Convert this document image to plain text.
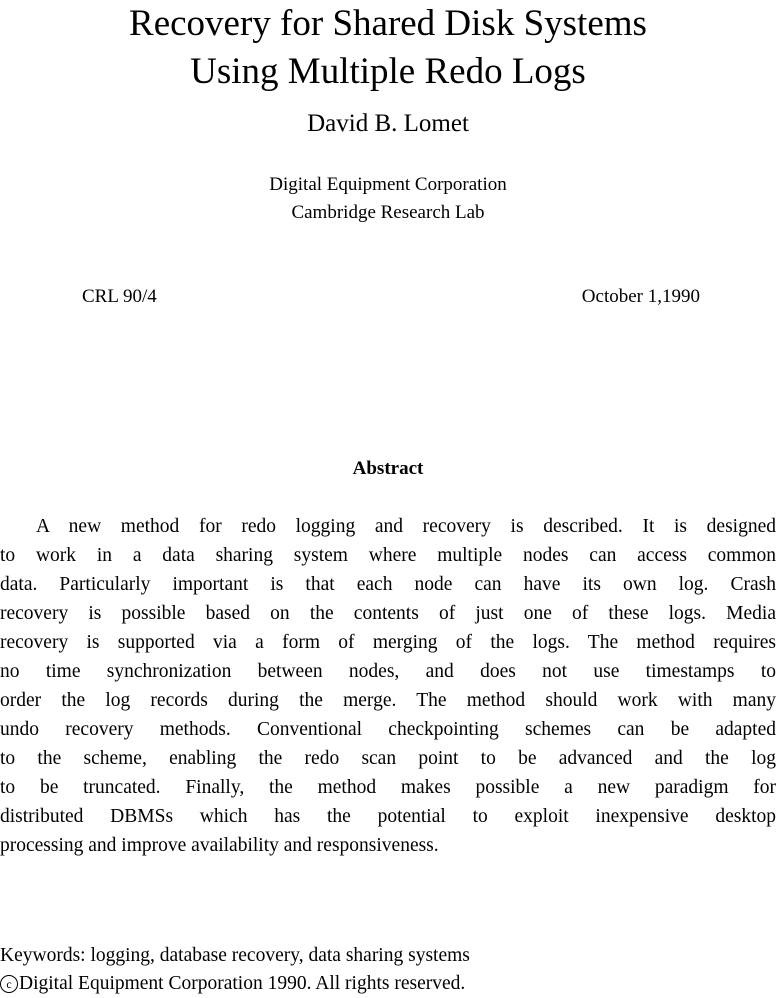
Recovery for Shared Disk Systems
Using Multiple Redo Logs
David B. Lomet
Digital Equipment Corporation
Cambridge Research Lab
CRL 90/4	October 1,1990
Abstract
A new method for redo logging and recovery is described. It is designed
to work in a data sharing system where multiple nodes can access common
data. Particularly important is that each node can have its own log. Crash
recovery is possible based on the contents of just one of these logs. Media
recovery is supported via a form of merging of the logs. The method requires
no time synchronization between nodes, and does not use timestamps to
order the log records during the merge. The method should work with many
undo recovery methods. Conventional checkpointing schemes can be adapted
to the scheme, enabling the redo scan point to be advanced and the log
to be truncated. Finally, the method makes possible a new paradigm for
distributed DBMSs which has the potential to exploit inexpensive desktop
processing and improve availability and responsiveness.
Keywords: logging, database recovery, data sharing systems
c Digital Equipment Corporation 1990. All rights reserved.
